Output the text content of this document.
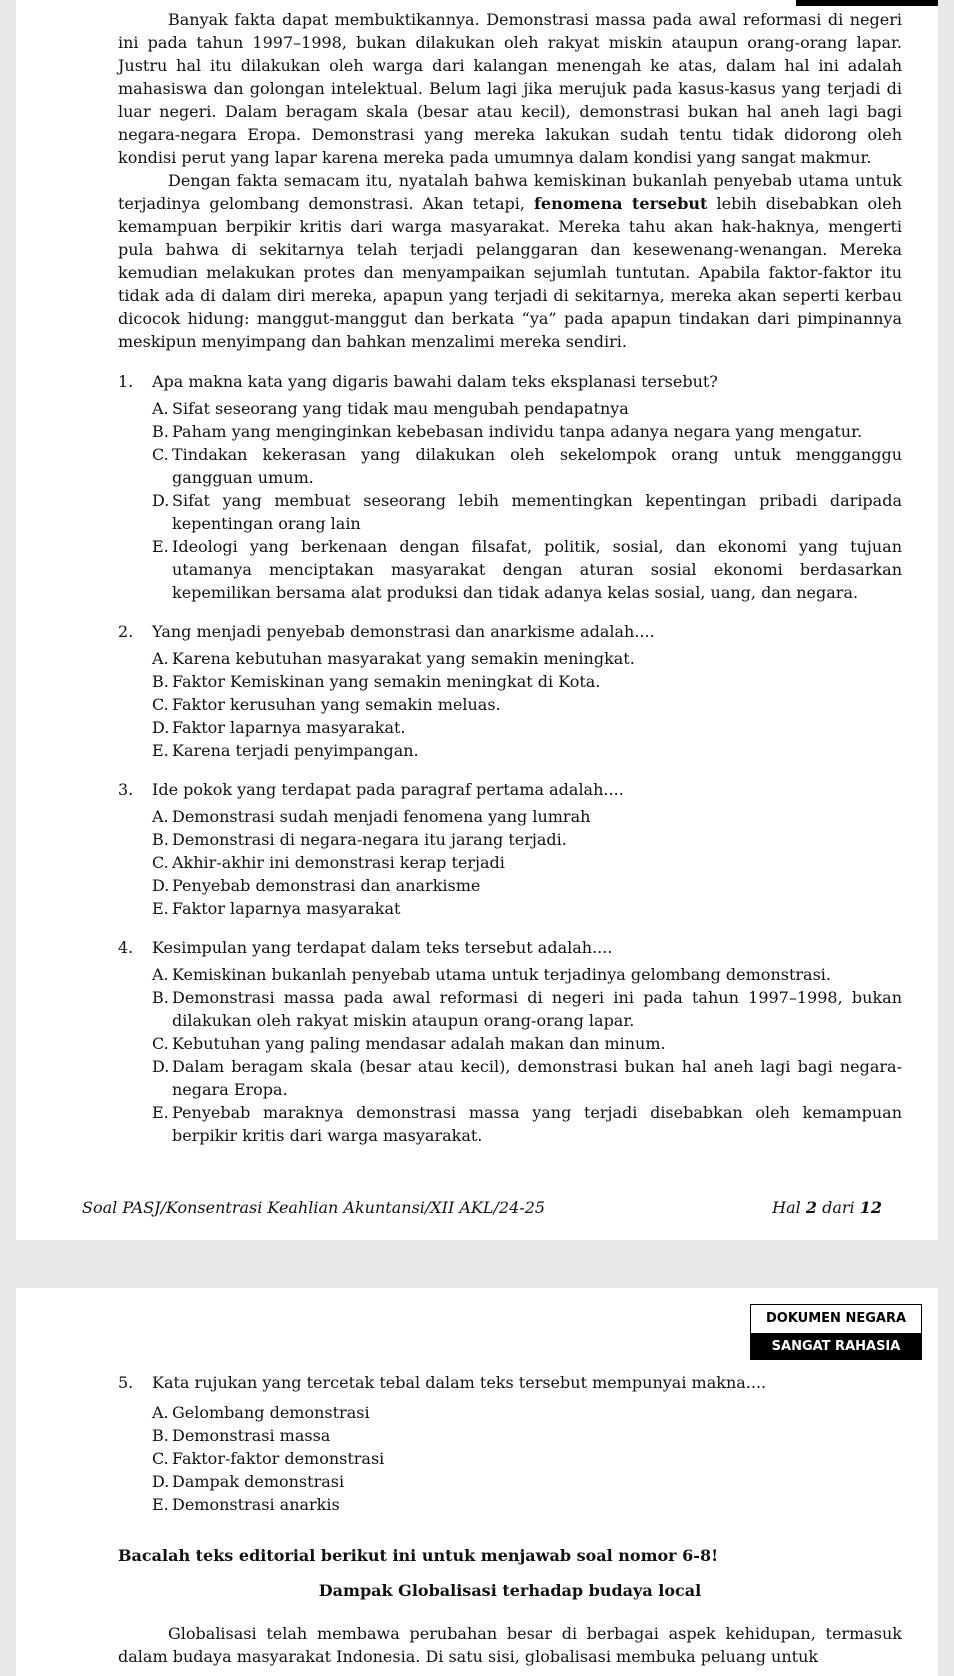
Banyak fakta dapat membuktikannya. Demonstrasi massa pada awal reformasi di negeri ini pada tahun 1997–1998, bukan dilakukan oleh rakyat miskin ataupun orang-orang lapar. Justru hal itu dilakukan oleh warga dari kalangan menengah ke atas, dalam hal ini adalah mahasiswa dan golongan intelektual. Belum lagi jika merujuk pada kasus-kasus yang terjadi di luar negeri. Dalam beragam skala (besar atau kecil), demonstrasi bukan hal aneh lagi bagi negara-negara Eropa. Demonstrasi yang mereka lakukan sudah tentu tidak didorong oleh kondisi perut yang lapar karena mereka pada umumnya dalam kondisi yang sangat makmur.

Dengan fakta semacam itu, nyatalah bahwa kemiskinan bukanlah penyebab utama untuk terjadinya gelombang demonstrasi. Akan tetapi, fenomena tersebut lebih disebabkan oleh kemampuan berpikir kritis dari warga masyarakat. Mereka tahu akan hak-haknya, mengerti pula bahwa di sekitarnya telah terjadi pelanggaran dan kesewenang-wenangan. Mereka kemudian melakukan protes dan menyampaikan sejumlah tuntutan. Apabila faktor-faktor itu tidak ada di dalam diri mereka, apapun yang terjadi di sekitarnya, mereka akan seperti kerbau dicocok hidung: manggut-manggut dan berkata “ya” pada apapun tindakan dari pimpinannya meskipun menyimpang dan bahkan menzalimi mereka sendiri.

1.	Apa makna kata yang digaris bawahi dalam teks eksplanasi tersebut?

A. Sifat seseorang yang tidak mau mengubah pendapatnya

B. Paham yang menginginkan kebebasan individu tanpa adanya negara yang mengatur.

C. Tindakan kekerasan yang dilakukan oleh sekelompok orang untuk mengganggu gangguan umum.

D. Sifat yang membuat seseorang lebih mementingkan kepentingan pribadi daripada kepentingan orang lain

E. Ideologi yang berkenaan dengan filsafat, politik, sosial, dan ekonomi yang tujuan utamanya menciptakan masyarakat dengan aturan sosial ekonomi berdasarkan kepemilikan bersama alat produksi dan tidak adanya kelas sosial, uang, dan negara.

2.	Yang menjadi penyebab demonstrasi dan anarkisme adalah....

A. Karena kebutuhan masyarakat yang semakin meningkat.

B. Faktor Kemiskinan yang semakin meningkat di Kota.

C. Faktor kerusuhan yang semakin meluas.

D. Faktor laparnya masyarakat.

E. Karena terjadi penyimpangan.

3.	Ide pokok yang terdapat pada paragraf pertama adalah....

A. Demonstrasi sudah menjadi fenomena yang lumrah

B. Demonstrasi di negara-negara itu jarang terjadi.

C. Akhir-akhir ini demonstrasi kerap terjadi

D. Penyebab demonstrasi dan anarkisme

E. Faktor laparnya masyarakat

4.	Kesimpulan yang terdapat dalam teks tersebut adalah....

A. Kemiskinan bukanlah penyebab utama untuk terjadinya gelombang demonstrasi.

B. Demonstrasi massa pada awal reformasi di negeri ini pada tahun 1997–1998, bukan dilakukan oleh rakyat miskin ataupun orang-orang lapar.

C. Kebutuhan yang paling mendasar adalah makan dan minum.

D. Dalam beragam skala (besar atau kecil), demonstrasi bukan hal aneh lagi bagi negara-negara Eropa.

E. Penyebab maraknya demonstrasi massa yang terjadi disebabkan oleh kemampuan berpikir kritis dari warga masyarakat.

Soal PASJ/Konsentrasi Keahlian Akuntansi/XII AKL/24-25	Hal 2 dari 12
DOKUMEN NEGARA
SANGAT RAHASIA

5.	Kata rujukan yang tercetak tebal dalam teks tersebut mempunyai makna....

A. Gelombang demonstrasi

B. Demonstrasi massa

C. Faktor-faktor demonstrasi

D. Dampak demonstrasi

E. Demonstrasi anarkis

Bacalah teks editorial berikut ini untuk menjawab soal nomor 6-8!

Dampak Globalisasi terhadap budaya local

Globalisasi telah membawa perubahan besar di berbagai aspek kehidupan, termasuk dalam budaya masyarakat Indonesia. Di satu sisi, globalisasi membuka peluang untuk
